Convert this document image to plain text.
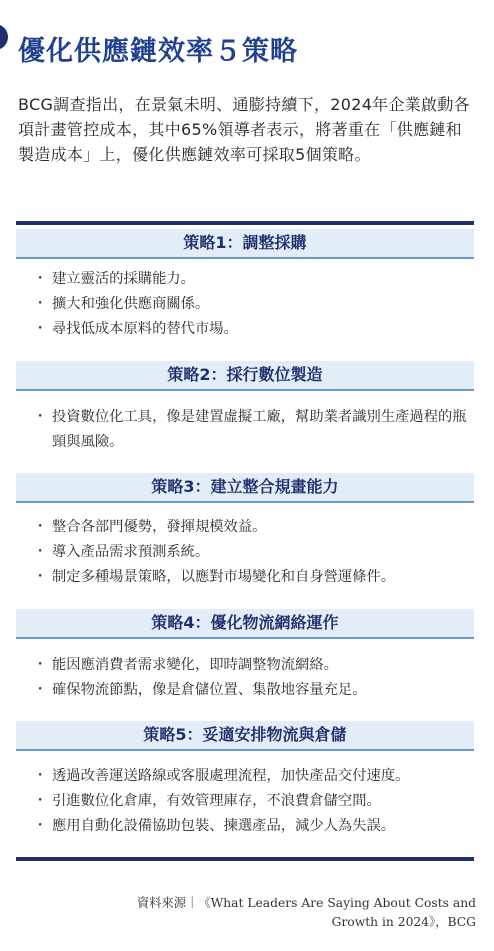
優化供應鏈效率５策略

BCG調查指出，在景氣未明、通膨持續下，2024年企業啟動各項計畫管控成本，其中65%領導者表示，將著重在「供應鏈和製造成本」上，優化供應鏈效率可採取5個策略。

策略1：調整採購
・ 建立靈活的採購能力。
・ 擴大和強化供應商關係。
・ 尋找低成本原料的替代市場。
策略2：採行數位製造
・ 投資數位化工具，像是建置虛擬工廠，幫助業者識別生產過程的瓶頸與風險。
策略3：建立整合規畫能力
・ 整合各部門優勢，發揮規模效益。
・ 導入產品需求預測系統。
・ 制定多種場景策略，以應對市場變化和自身營運條件。
策略4：優化物流網絡運作
・ 能因應消費者需求變化，即時調整物流網絡。
・ 確保物流節點，像是倉儲位置、集散地容量充足。
策略5：妥適安排物流與倉儲
・ 透過改善運送路線或客服處理流程，加快產品交付速度。
・ 引進數位化倉庫，有效管理庫存，不浪費倉儲空間。
・ 應用自動化設備協助包裝、揀選產品，減少人為失誤。
資料來源｜《What Leaders Are Saying About Costs and Growth in 2024》，BCG
